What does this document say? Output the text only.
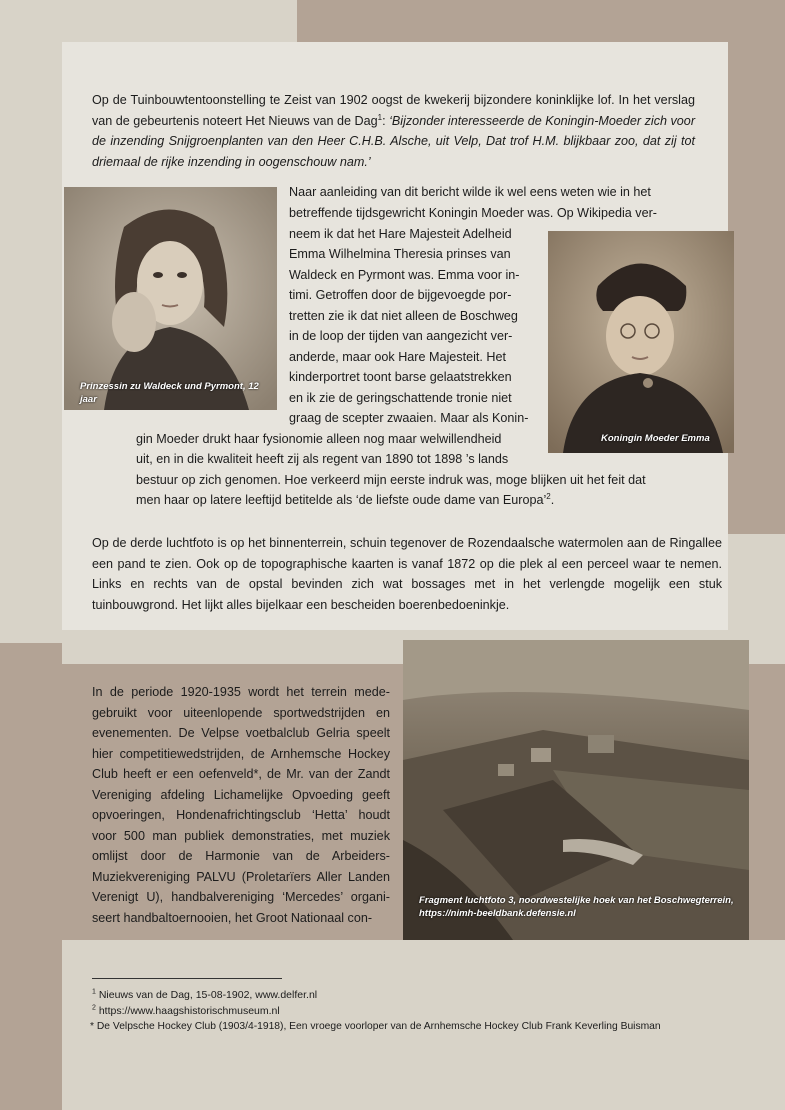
Op de Tuinbouwtentoonstelling te Zeist van 1902 oogst de kwekerij bijzondere koninklijke lof. In het verslag van de gebeurtenis noteert Het Nieuws van de Dag$^1$: ‘Bijzonder interesseerde de Koningin-Moeder zich voor de inzending Snijgroenplanten van den Heer C.H.B. Alsche, uit Velp, Dat trof H.M. blijkbaar zoo, dat zij tot driemaal de rijke inzending in oogenschouw nam.’

Prinzessin zu Waldeck und Pyrmont, 12 jaar
Koningin Moeder Emma
Naar aanleiding van dit bericht wilde ik wel eens weten wie in het
betreffende tijdsgewricht Koningin Moeder was. Op Wikipedia ver-
neem ik dat het Hare Majesteit Adelheid
Emma Wilhelmina Theresia prinses van
Waldeck en Pyrmont was. Emma voor in-
timi. Getroffen door de bijgevoegde por-
tretten zie ik dat niet alleen de Boschweg
in de loop der tijden van aangezicht ver-
anderde, maar ook Hare Majesteit. Het
kinderportret toont barse gelaatstrekken
en ik zie de geringschattende tronie niet
graag de scepter zwaaien. Maar als Konin-
gin Moeder drukt haar fysionomie alleen nog maar welwillendheid
uit, en in die kwaliteit heeft zij als regent van 1890 tot 1898 ’s lands
bestuur op zich genomen. Hoe verkeerd mijn eerste indruk was, moge blijken uit het feit dat
men haar op latere leeftijd betitelde als ‘de liefste oude dame van Europa’$^2$.

Op de derde luchtfoto is op het binnenterrein, schuin tegenover de Rozendaalsche watermolen aan de Ringallee een pand te zien. Ook op de topographische kaarten is vanaf 1872 op die plek al een perceel waar te nemen. Links en rechts van de opstal bevinden zich wat bossages met in het verlengde mogelijk een stuk tuinbouwgrond. Het lijkt alles bijelkaar een bescheiden boerenbedoeninkje.

Fragment luchtfoto 3, noordwestelijke hoek van het Boschwegterrein, https://nimh-beeldbank.defensie.nl

In de periode 1920-1935 wordt het terrein mede-gebruikt voor uiteenlopende sportwedstrijden en evenementen. De Velpse voetbalclub Gelria speelt hier competitiewedstrijden, de Arnhemsche Hockey Club heeft er een oefenveld*, de Mr. van der Zandt Vereniging afdeling Lichamelijke Opvoeding geeft opvoeringen, Hondenafrichtingsclub ‘Hetta’ houdt voor 500 man publiek demonstraties, met muziek omlijst door de Harmonie van de Arbeiders-Muziekvereniging PALVU (Proletarïers Aller Landen Verenigt U), handbalvereniging ‘Mercedes’ organi-seert handbaltoernooien, het Groot Nationaal con-

$^1$ Nieuws van de Dag, 15-08-1902, www.delfer.nl
$^2$ https://www.haagshistorischmuseum.nl
* De Velpsche Hockey Club (1903/4-1918), Een vroege voorloper van de Arnhemsche Hockey Club Frank Keverling Buisman
